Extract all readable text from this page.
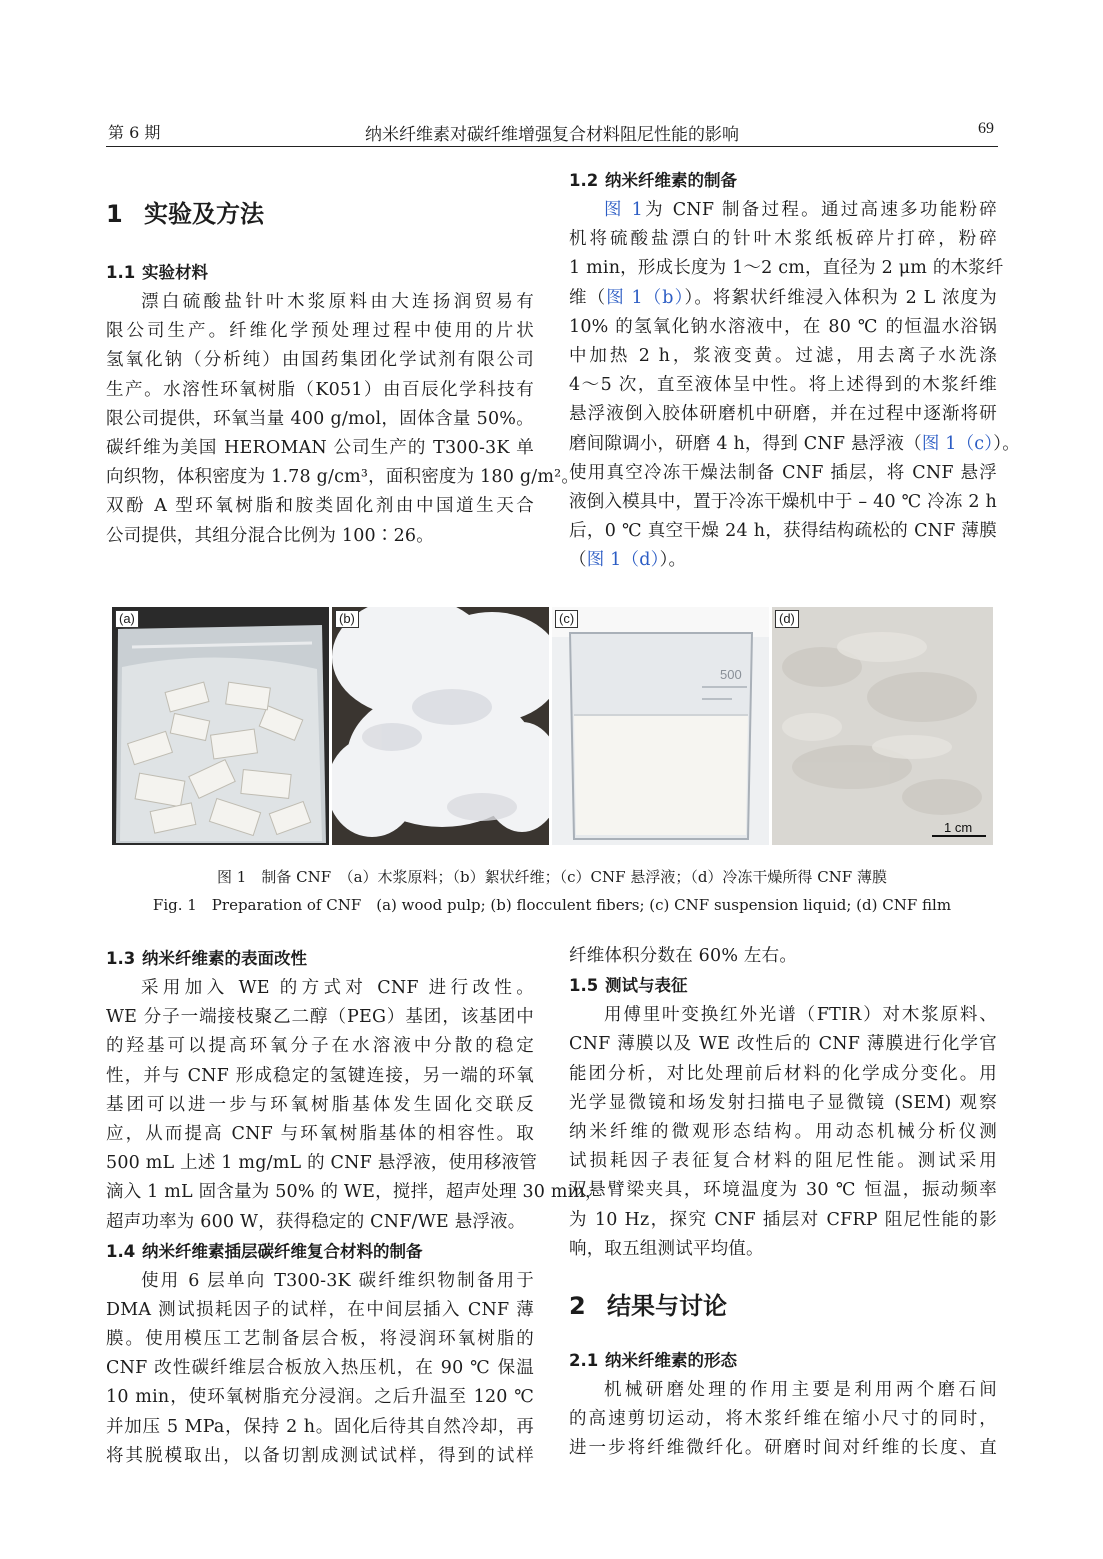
第 6 期	纳米纤维素对碳纤维增强复合材料阻尼性能的影响	69
1 实验及方法
1.1 实验材料
漂白硫酸盐针叶木浆原料由大连扬润贸易有
限公司生产。纤维化学预处理过程中使用的片状
氢氧化钠（分析纯）由国药集团化学试剂有限公司
生产。水溶性环氧树脂（K051）由百辰化学科技有
限公司提供，环氧当量 400 g/mol，固体含量 50%。
碳纤维为美国 HEROMAN 公司生产的 T300-3K 单
向织物，体积密度为 1.78 g/cm³，面积密度为 180 g/m²。
双酚 A 型环氧树脂和胺类固化剂由中国道生天合
公司提供，其组分混合比例为 100∶26。
1.2 纳米纤维素的制备
图 1为 CNF 制备过程。通过高速多功能粉碎
机将硫酸盐漂白的针叶木浆纸板碎片打碎，粉碎
1 min，形成长度为 1～2 cm，直径为 2 μm 的木浆纤
维（图 1（b））。将絮状纤维浸入体积为 2 L 浓度为
10% 的氢氧化钠水溶液中，在 80 ℃ 的恒温水浴锅
中加热 2 h，浆液变黄。过滤，用去离子水洗涤
4～5 次，直至液体呈中性。将上述得到的木浆纤维
悬浮液倒入胶体研磨机中研磨，并在过程中逐渐将研
磨间隙调小，研磨 4 h，得到 CNF 悬浮液（图 1（c））。
使用真空冷冻干燥法制备 CNF 插层，将 CNF 悬浮
液倒入模具中，置于冷冻干燥机中于 – 40 ℃ 冷冻 2 h
后，0 ℃ 真空干燥 24 h，获得结构疏松的 CNF 薄膜
（图 1（d））。
(a)	(b)
500
(c)
1 cm
(d)
图 1　制备 CNF　（a）木浆原料；（b）絮状纤维；（c）CNF 悬浮液；（d）冷冻干燥所得 CNF 薄膜
Fig. 1　Preparation of CNF　(a) wood pulp; (b) flocculent fibers; (c) CNF suspension liquid; (d) CNF film
1.3 纳米纤维素的表面改性
采用加入 WE 的方式对 CNF 进行改性。
WE 分子一端接枝聚乙二醇（PEG）基团，该基团中
的羟基可以提高环氧分子在水溶液中分散的稳定
性，并与 CNF 形成稳定的氢键连接，另一端的环氧
基团可以进一步与环氧树脂基体发生固化交联反
应，从而提高 CNF 与环氧树脂基体的相容性。取
500 mL 上述 1 mg/mL 的 CNF 悬浮液，使用移液管
滴入 1 mL 固含量为 50% 的 WE，搅拌，超声处理 30 min，
超声功率为 600 W，获得稳定的 CNF/WE 悬浮液。
1.4 纳米纤维素插层碳纤维复合材料的制备
使用 6 层单向 T300-3K 碳纤维织物制备用于
DMA 测试损耗因子的试样，在中间层插入 CNF 薄
膜。使用模压工艺制备层合板，将浸润环氧树脂的
CNF 改性碳纤维层合板放入热压机，在 90 ℃ 保温
10 min，使环氧树脂充分浸润。之后升温至 120 ℃
并加压 5 MPa，保持 2 h。固化后待其自然冷却，再
将其脱模取出，以备切割成测试试样，得到的试样
纤维体积分数在 60% 左右。
1.5 测试与表征
用傅里叶变换红外光谱（FTIR）对木浆原料、
CNF 薄膜以及 WE 改性后的 CNF 薄膜进行化学官
能团分析，对比处理前后材料的化学成分变化。用
光学显微镜和场发射扫描电子显微镜 (SEM) 观察
纳米纤维的微观形态结构。用动态机械分析仪测
试损耗因子表征复合材料的阻尼性能。测试采用
双悬臂梁夹具，环境温度为 30 ℃ 恒温，振动频率
为 10 Hz，探究 CNF 插层对 CFRP 阻尼性能的影
响，取五组测试平均值。
2 结果与讨论
2.1 纳米纤维素的形态
机械研磨处理的作用主要是利用两个磨石间
的高速剪切运动，将木浆纤维在缩小尺寸的同时，
进一步将纤维微纤化。研磨时间对纤维的长度、直
